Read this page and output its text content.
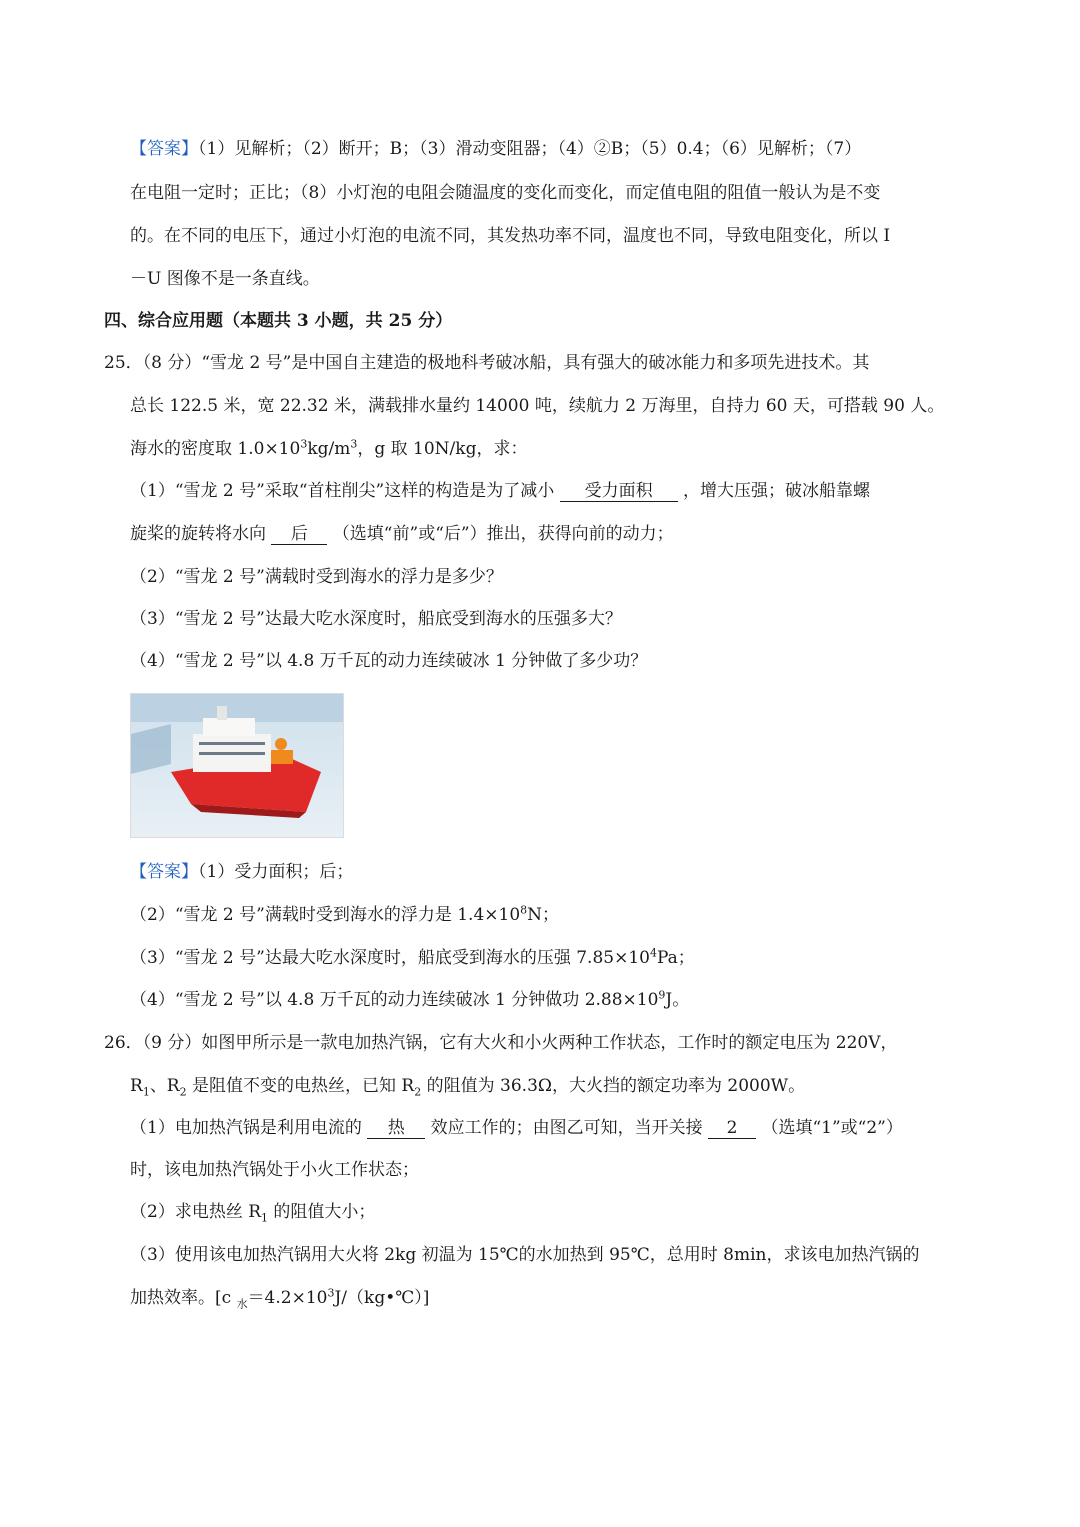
【答案】（1）见解析；（2）断开；B；（3）滑动变阻器；（4）②B；（5）0.4；（6）见解析；（7）
在电阻一定时；正比；（8）小灯泡的电阻会随温度的变化而变化，而定值电阻的阻值一般认为是不变
的。在不同的电压下，通过小灯泡的电流不同，其发热功率不同，温度也不同，导致电阻变化，所以 I
－U 图像不是一条直线。
四、综合应用题（本题共 3 小题，共 25 分）
25．（8 分）“雪龙 2 号”是中国自主建造的极地科考破冰船，具有强大的破冰能力和多项先进技术。其
总长 122.5 米，宽 22.32 米，满载排水量约 14000 吨，续航力 2 万海里，自持力 60 天，可搭载 90 人。
海水的密度取 $1.0\times 10^3kg/m^3$，g 取 10N/kg，求：
（1）“雪龙 2 号”采取“首柱削尖”这样的构造是为了减小 受力面积 ，增大压强；破冰船靠螺
旋桨的旋转将水向 后 （选填“前”或“后”）推出，获得向前的动力；
（2）“雪龙 2 号”满载时受到海水的浮力是多少？
（3）“雪龙 2 号”达最大吃水深度时，船底受到海水的压强多大？
（4）“雪龙 2 号”以 4.8 万千瓦的动力连续破冰 1 分钟做了多少功？
【答案】（1）受力面积；后；
（2）“雪龙 2 号”满载时受到海水的浮力是 $1.4\times 10^8N$；
（3）“雪龙 2 号”达最大吃水深度时，船底受到海水的压强 $7.85\times 10^4Pa$；
（4）“雪龙 2 号”以 4.8 万千瓦的动力连续破冰 1 分钟做功 $2.88\times 10^9J$。
26．（9 分）如图甲所示是一款电加热汽锅，它有大火和小火两种工作状态，工作时的额定电压为 220V，
$R_1$、$R_2$ 是阻值不变的电热丝，已知 $R_2$ 的阻值为 36.3Ω，大火挡的额定功率为 2000W。
（1）电加热汽锅是利用电流的 热 效应工作的；由图乙可知，当开关接 2 （选填“1”或“2”）
时，该电加热汽锅处于小火工作状态；
（2）求电热丝 $R_1$ 的阻值大小；
（3）使用该电加热汽锅用大火将 2kg 初温为 15℃的水加热到 95℃，总用时 8min，求该电加热汽锅的
加热效率。[c $_水=4.2\times 10^3J/(kg•℃)$]
